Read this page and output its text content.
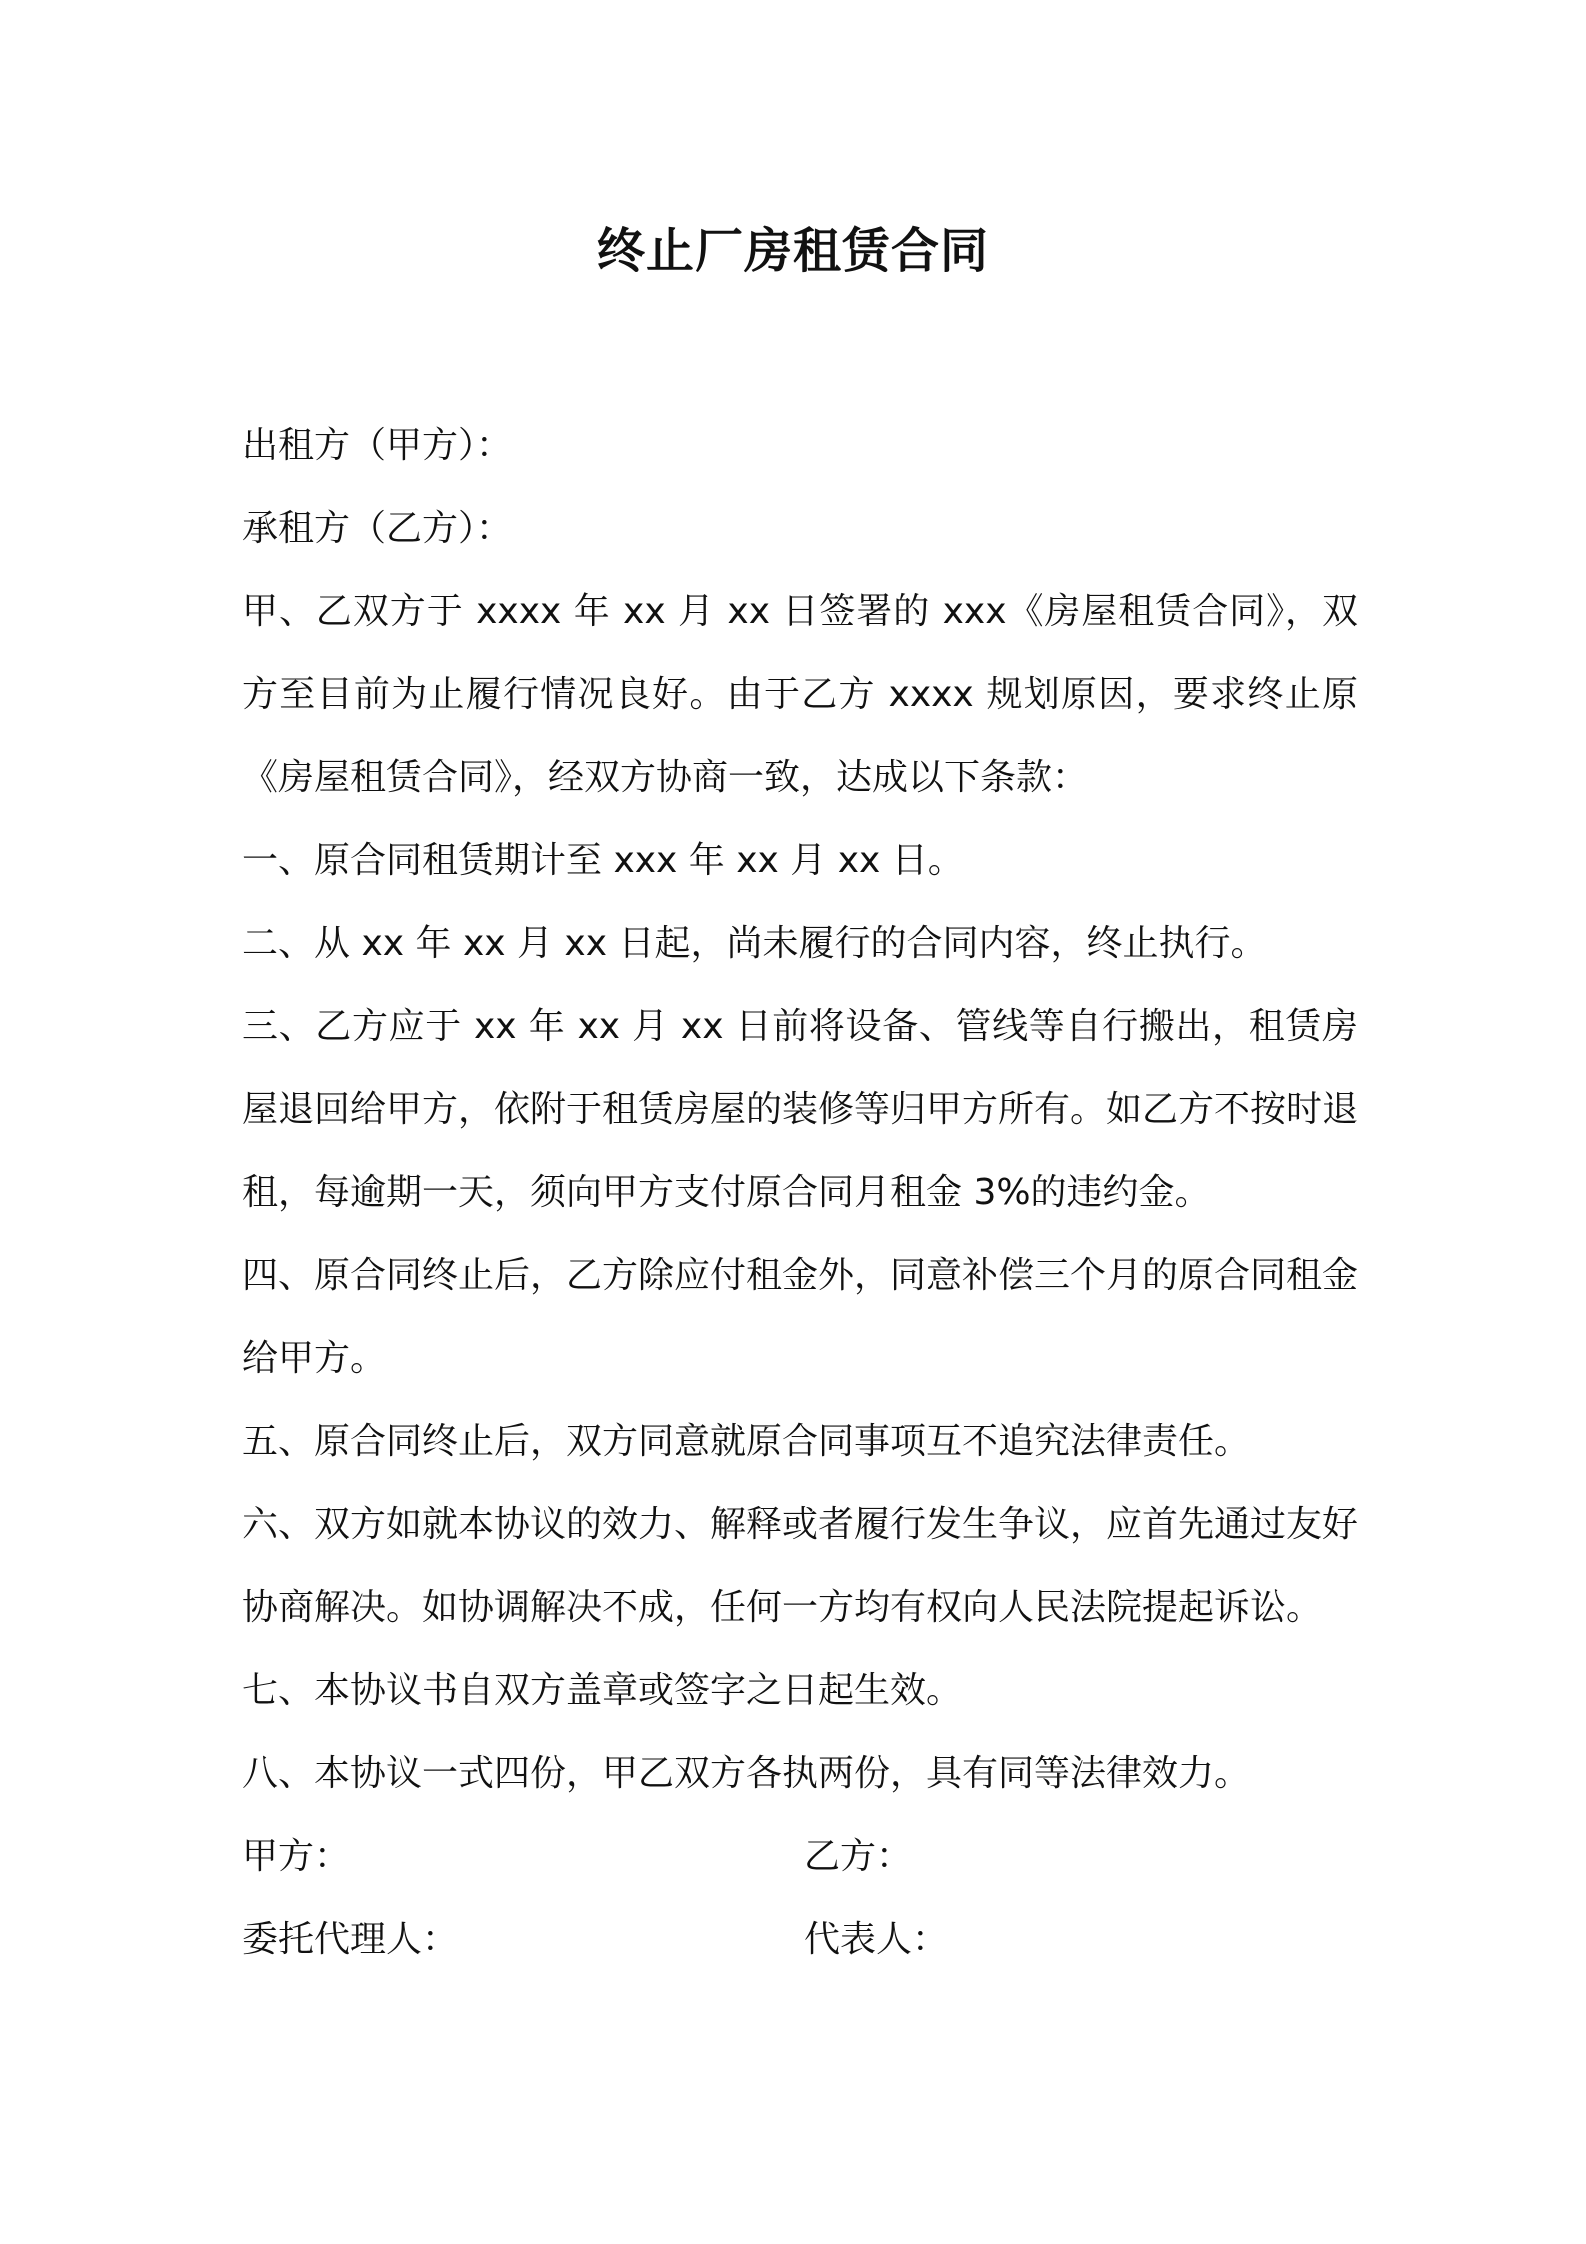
终止厂房租赁合同

出租方（甲方）：

承租方（乙方）：

甲、乙双方于 xxxx 年 xx 月 xx 日签署的 xxx《房屋租赁合同》，双方至目前为止履行情况良好。由于乙方 xxxx 规划原因，要求终止原《房屋租赁合同》，经双方协商一致，达成以下条款：

一、原合同租赁期计至 xxx 年 xx 月 xx 日。

二、从 xx 年 xx 月 xx 日起，尚未履行的合同内容，终止执行。

三、乙方应于 xx 年 xx 月 xx 日前将设备、管线等自行搬出，租赁房屋退回给甲方，依附于租赁房屋的装修等归甲方所有。如乙方不按时退租，每逾期一天，须向甲方支付原合同月租金 3%的违约金。

四、原合同终止后，乙方除应付租金外，同意补偿三个月的原合同租金给甲方。

五、原合同终止后，双方同意就原合同事项互不追究法律责任。

六、双方如就本协议的效力、解释或者履行发生争议，应首先通过友好协商解决。如协调解决不成，任何一方均有权向人民法院提起诉讼。

七、本协议书自双方盖章或签字之日起生效。

八、本协议一式四份，甲乙双方各执两份，具有同等法律效力。

甲方：	乙方：
委托代理人：	代表人：
